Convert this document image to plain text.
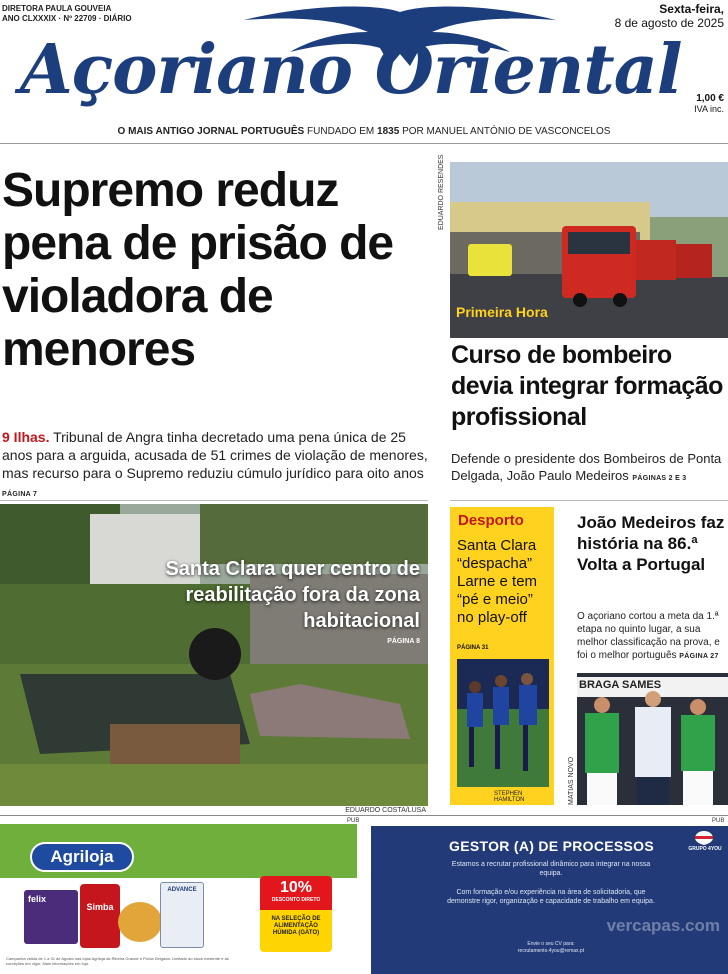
DIRETORA PAULA GOUVEIA
ANO CLXXXIX · Nº 22709 · DIÁRIO
Açoriano Oriental
Sexta-feira,
8 de agosto de 2025
1,00 €
IVA inc.
O MAIS ANTIGO JORNAL PORTUGUÊS FUNDADO EM 1835 POR MANUEL ANTÓNIO DE VASCONCELOS
Supremo reduz pena de prisão de violadora de menores
9 Ilhas. Tribunal de Angra tinha decretado uma pena única de 25 anos para a arguida, acusada de 51 crimes de violação de menores, mas recurso para o Supremo reduziu cúmulo jurídico para oito anos PÁGINA 7
EDUARDO RESENDES
Primeira Hora
Curso de bombeiro devia integrar formação profissional
Defende o presidente dos Bombeiros de Ponta Delgada, João Paulo Medeiros PÁGINAS 2 E 3
Santa Clara quer centro de reabilitação fora da zona habitacional
PÁGINA 8
EDUARDO COSTA/LUSA
Desporto
Santa Clara “despacha” Larne e tem “pé e meio” no play-off
PÁGINA 31
STEPHEN HAMILTON
João Medeiros faz história na 86.ª Volta a Portugal
O açoriano cortou a meta da 1.ª etapa no quinto lugar, a sua melhor classificação na prova, e foi o melhor português PÁGINA 27
MATIAS NOVO
BRAGA SAMES
PUB
Agriloja
felix
Simba
ADVANCE	10%
DESCONTO DIRETO
NA SELEÇÃO DE ALIMENTAÇÃO HÚMIDA (GATO)
Campanha válida de 1 a 31 de Agosto nas lojas Agriloja da Ribeira Grande e Ponta Delgada. Limitado ao stock existente e às condições em vigor. Mais informações em loja.
PUB
GESTOR (A) DE PROCESSOS
Estamos a recrutar profissional dinâmico para integrar na nossa equipa.
Com formação e/ou experiência na área de solicitadoria, que demonstre rigor, organização e capacidade de trabalho em equipa.
Envie o seu CV para:
recrutamento.4you@remax.pt
GRUPO 4YOU
vercapas.com
